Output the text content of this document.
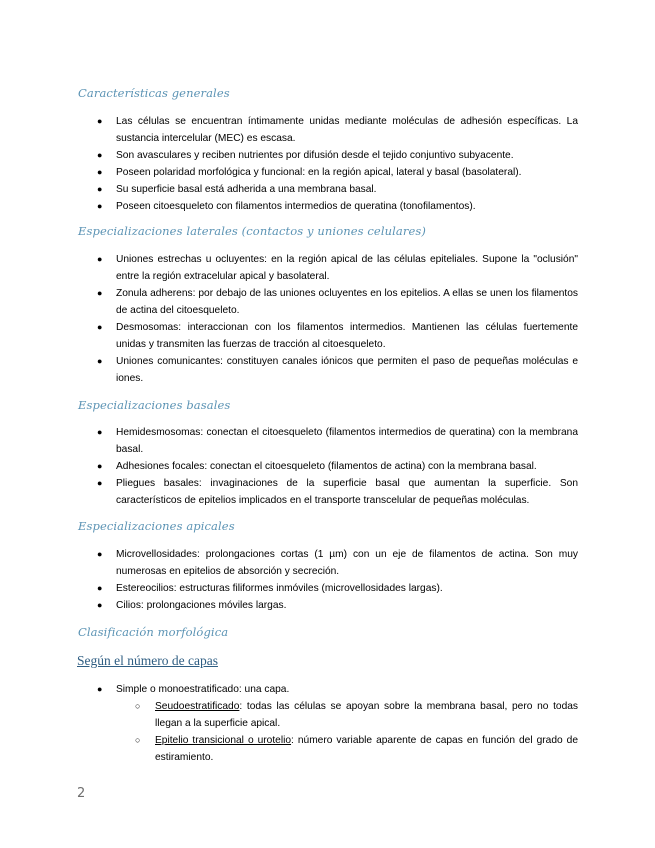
Características generales
● Las células se encuentran íntimamente unidas mediante moléculas de adhesión específicas. La sustancia intercelular (MEC) es escasa.
● Son avasculares y reciben nutrientes por difusión desde el tejido conjuntivo subyacente.
● Poseen polaridad morfológica y funcional: en la región apical, lateral y basal (basolateral).
● Su superficie basal está adherida a una membrana basal.
● Poseen citoesqueleto con filamentos intermedios de queratina (tonofilamentos).
Especializaciones laterales (contactos y uniones celulares)
● Uniones estrechas u ocluyentes: en la región apical de las células epiteliales. Supone la "oclusión" entre la región extracelular apical y basolateral.
● Zonula adherens: por debajo de las uniones ocluyentes en los epitelios. A ellas se unen los filamentos de actina del citoesqueleto.
● Desmosomas: interaccionan con los filamentos intermedios. Mantienen las células fuertemente unidas y transmiten las fuerzas de tracción al citoesqueleto.
● Uniones comunicantes: constituyen canales iónicos que permiten el paso de pequeñas moléculas e iones.
Especializaciones basales
● Hemidesmosomas: conectan el citoesqueleto (filamentos intermedios de queratina) con la membrana basal.
● Adhesiones focales: conectan el citoesqueleto (filamentos de actina) con la membrana basal.
● Pliegues basales: invaginaciones de la superficie basal que aumentan la superficie. Son característicos de epitelios implicados en el transporte transcelular de pequeñas moléculas.
Especializaciones apicales
● Microvellosidades: prolongaciones cortas (1 µm) con un eje de filamentos de actina. Son muy numerosas en epitelios de absorción y secreción.
● Estereocilios: estructuras filiformes inmóviles (microvellosidades largas).
● Cilios: prolongaciones móviles largas.
Clasificación morfológica
Según el número de capas
● Simple o monoestratificado: una capa.
○ Seudoestratificado: todas las células se apoyan sobre la membrana basal, pero no todas llegan a la superficie apical.
○ Epitelio transicional o urotelio: número variable aparente de capas en función del grado de estiramiento.
2
